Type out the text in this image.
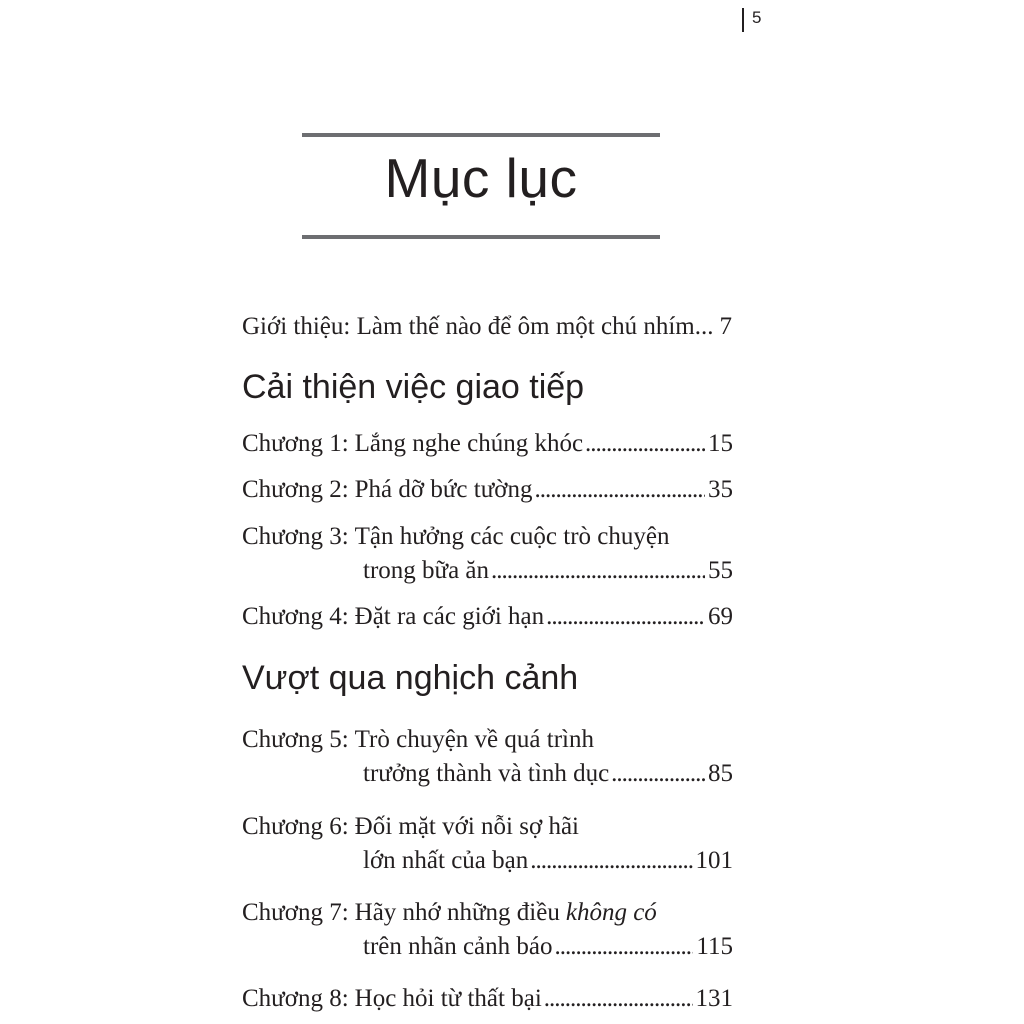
5
Mục lục
Giới thiệu: Làm thế nào để ôm một chú nhím... 7
Cải thiện việc giao tiếp
Chương 1: Lắng nghe chúng khóc .....	15
Chương 2: Phá dỡ bức tường .....	35
Chương 3: Tận hưởng các cuộc trò chuyện
trong bữa ăn .....	55
Chương 4: Đặt ra các giới hạn .....	69
Vượt qua nghịch cảnh
Chương 5: Trò chuyện về quá trình
trưởng thành và tình dục .....	85
Chương 6: Đối mặt với nỗi sợ hãi
lớn nhất của bạn .....	101
Chương 7: Hãy nhớ những điều không có
trên nhãn cảnh báo .....	115
Chương 8: Học hỏi từ thất bại .....	131
